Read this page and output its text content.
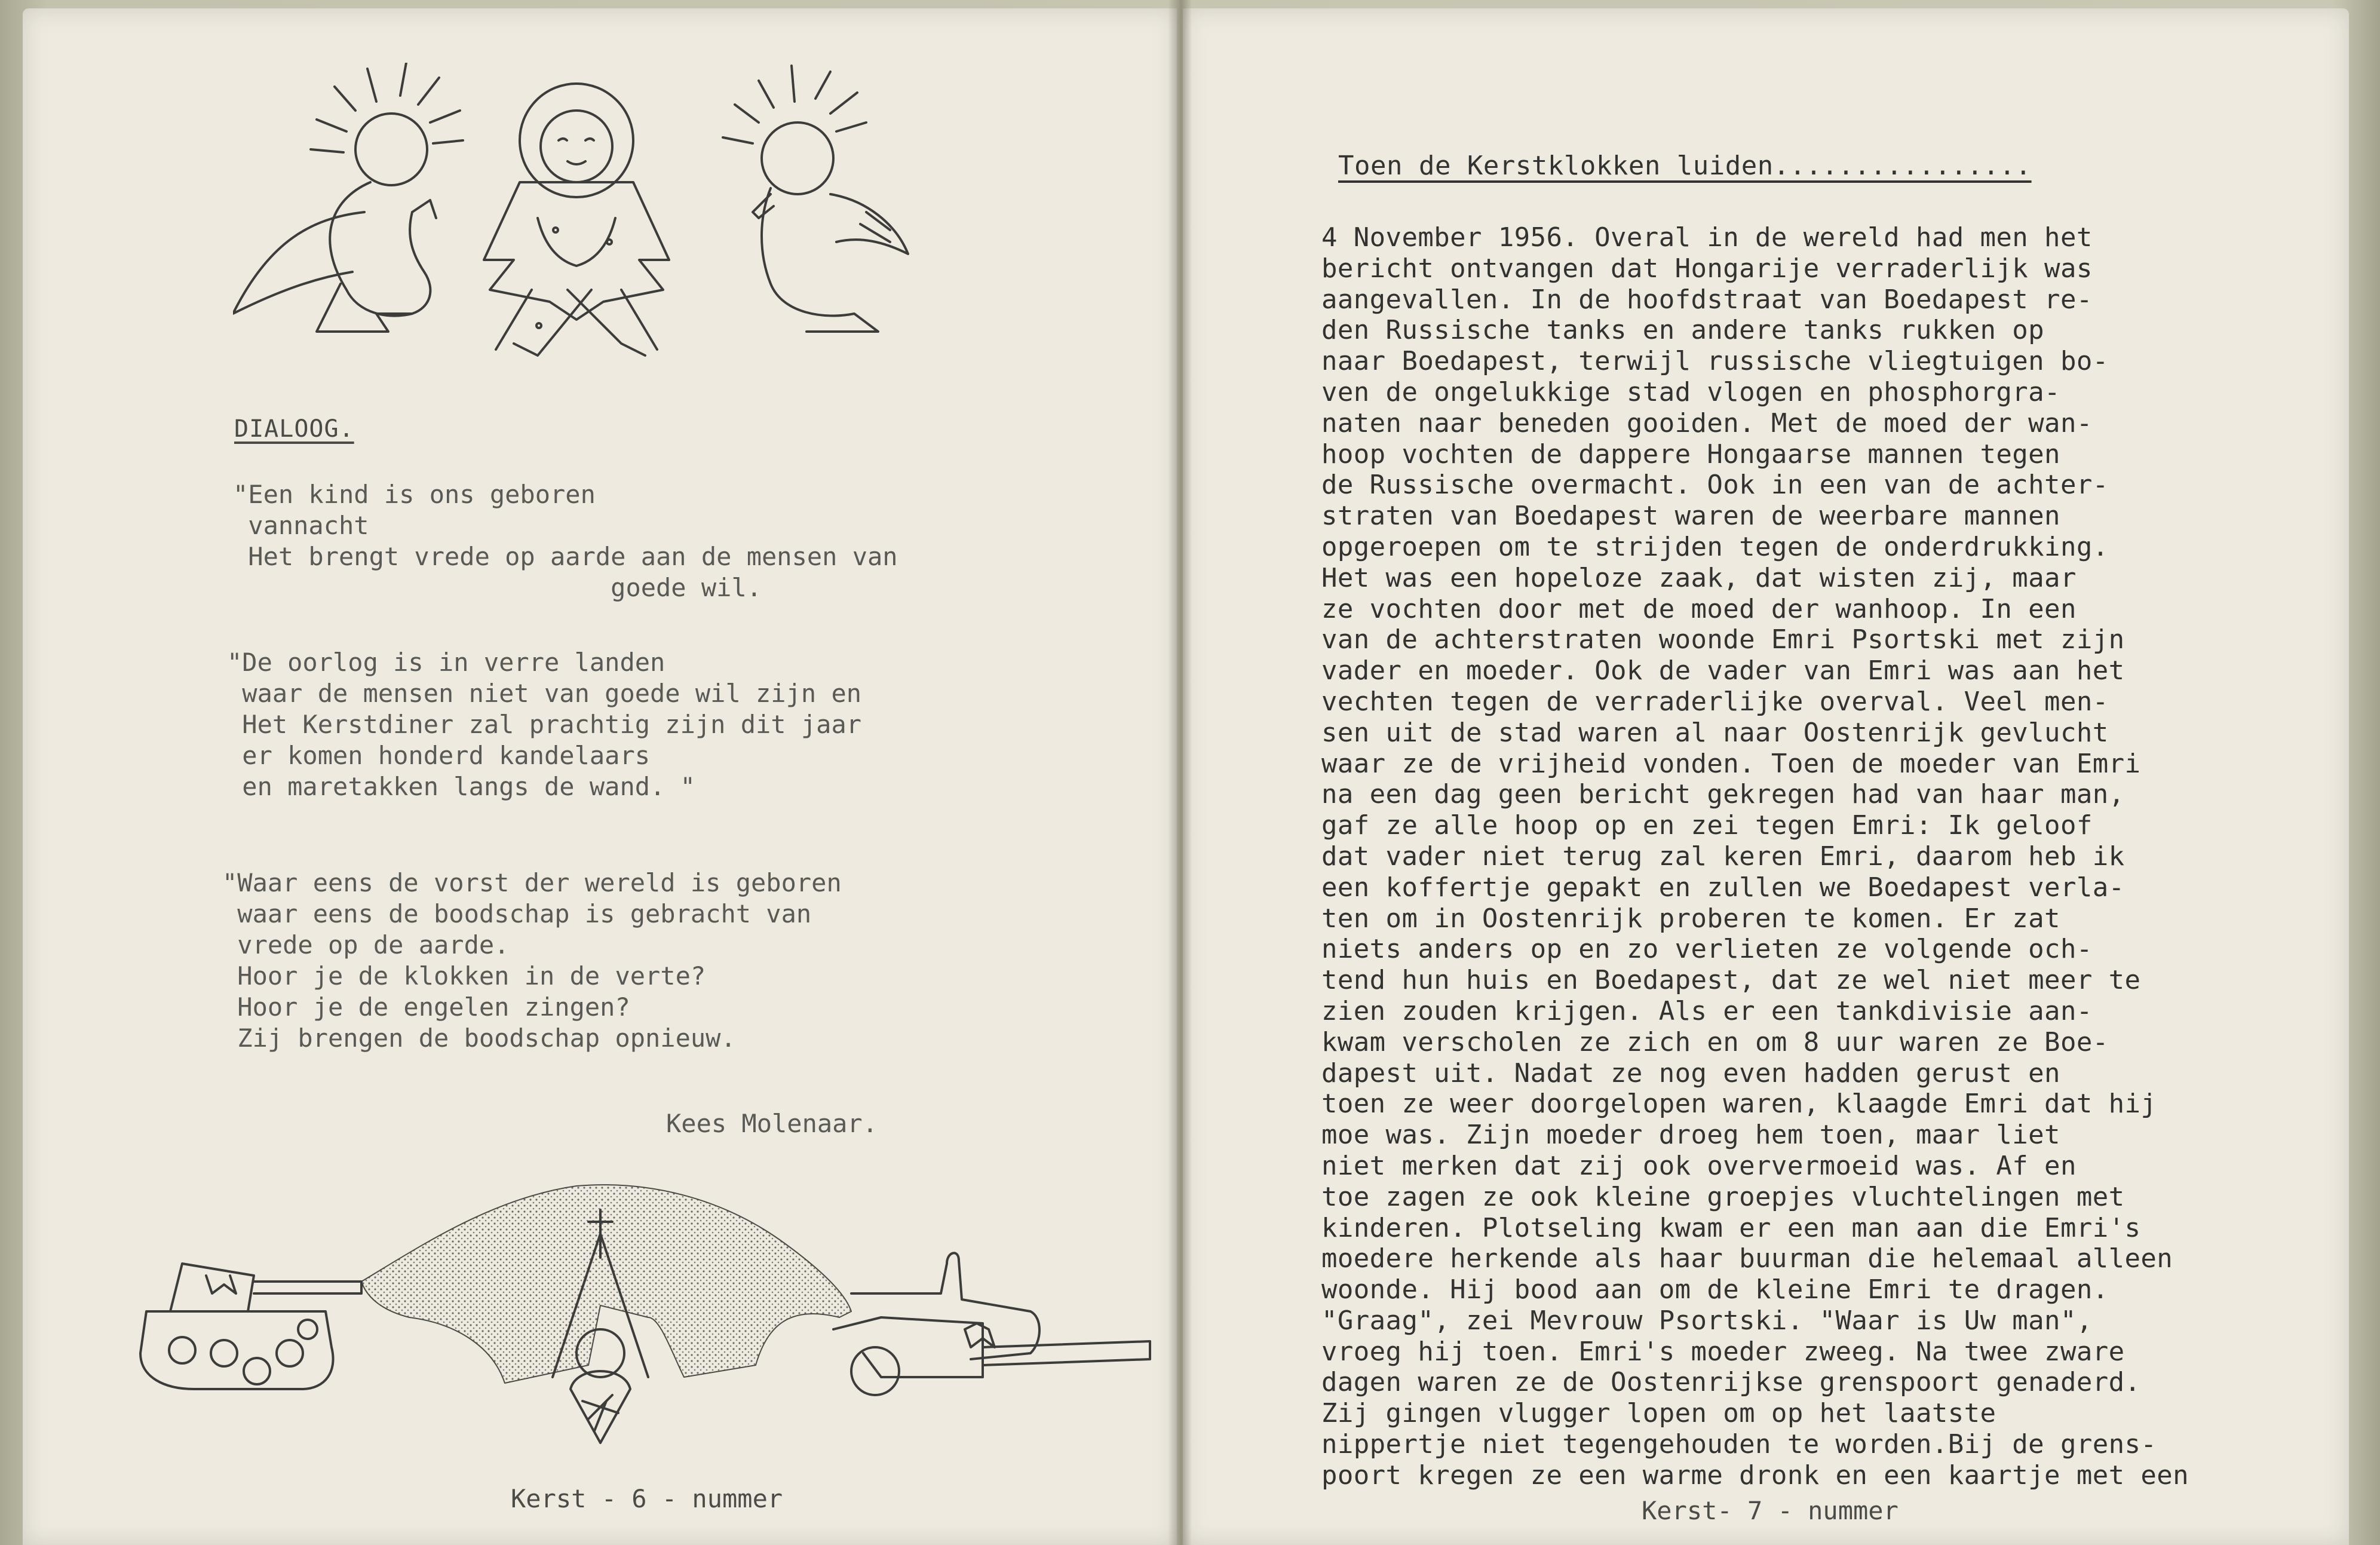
DIALOOG.
"Een kind is ons geboren
vannacht
Het brengt vrede op aarde aan de mensen van
goede wil.
"De oorlog is in verre landen
waar de mensen niet van goede wil zijn en
Het Kerstdiner zal prachtig zijn dit jaar
er komen honderd kandelaars
en maretakken langs de wand. "
"Waar eens de vorst der wereld is geboren
waar eens de boodschap is gebracht van
vrede op de aarde.
Hoor je de klokken in de verte?
Hoor je de engelen zingen?
Zij brengen de boodschap opnieuw.
Kees Molenaar.
Kerst - 6 - nummer
Toen de Kerstklokken luiden................
4 November 1956. Overal in de wereld had men het
bericht ontvangen dat Hongarije verraderlijk was
aangevallen. In de hoofdstraat van Boedapest re-
den Russische tanks en andere tanks rukken op
naar Boedapest, terwijl russische vliegtuigen bo-
ven de ongelukkige stad vlogen en phosphorgra-
naten naar beneden gooiden. Met de moed der wan-
hoop vochten de dappere Hongaarse mannen tegen
de Russische overmacht. Ook in een van de achter-
straten van Boedapest waren de weerbare mannen
opgeroepen om te strijden tegen de onderdrukking.
Het was een hopeloze zaak, dat wisten zij, maar
ze vochten door met de moed der wanhoop. In een
van de achterstraten woonde Emri Psortski met zijn
vader en moeder. Ook de vader van Emri was aan het
vechten tegen de verraderlijke overval. Veel men-
sen uit de stad waren al naar Oostenrijk gevlucht
waar ze de vrijheid vonden. Toen de moeder van Emri
na een dag geen bericht gekregen had van haar man,
gaf ze alle hoop op en zei tegen Emri: Ik geloof
dat vader niet terug zal keren Emri, daarom heb ik
een koffertje gepakt en zullen we Boedapest verla-
ten om in Oostenrijk proberen te komen. Er zat
niets anders op en zo verlieten ze volgende och-
tend hun huis en Boedapest, dat ze wel niet meer te
zien zouden krijgen. Als er een tankdivisie aan-
kwam verscholen ze zich en om 8 uur waren ze Boe-
dapest uit. Nadat ze nog even hadden gerust en
toen ze weer doorgelopen waren, klaagde Emri dat hij
moe was. Zijn moeder droeg hem toen, maar liet
niet merken dat zij ook oververmoeid was. Af en
toe zagen ze ook kleine groepjes vluchtelingen met
kinderen. Plotseling kwam er een man aan die Emri's
moedere herkende als haar buurman die helemaal alleen
woonde. Hij bood aan om de kleine Emri te dragen.
"Graag", zei Mevrouw Psortski. "Waar is Uw man",
vroeg hij toen. Emri's moeder zweeg. Na twee zware
dagen waren ze de Oostenrijkse grenspoort genaderd.
Zij gingen vlugger lopen om op het laatste
nippertje niet tegengehouden te worden.Bij de grens-
poort kregen ze een warme dronk en een kaartje met een
Kerst- 7 - nummer
